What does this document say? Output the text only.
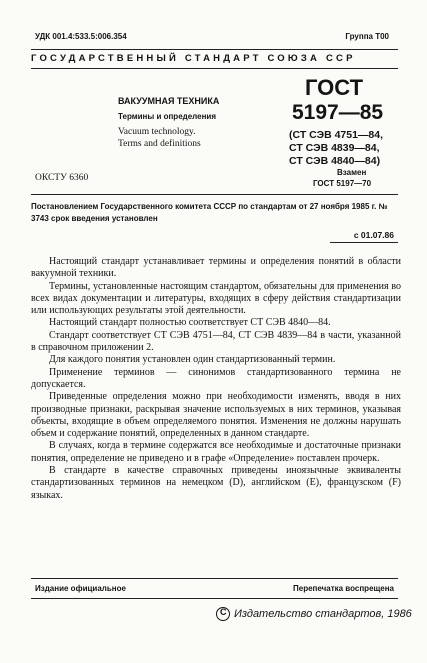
УДК 001.4:533.5:006.354	Группа Т00
ГОСУДАРСТВЕННЫЙ СТАНДАРТ СОЮЗА ССР
ВАКУУМНАЯ ТЕХНИКА
Термины и определения
Vacuum technology.
Terms and definitions
ГОСТ
5197—85
(СТ СЭВ 4751—84,
СТ СЭВ 4839—84,
СТ СЭВ 4840—84)
Взамен
ГОСТ 5197—70
ОКСТУ 6360
Постановлением Государственного комитета СССР по стандартам от 27 ноября 1985 г. № 3743 срок введения установлен
с 01.07.86

Настоящий стандарт устанавливает термины и определения понятий в области вакуумной техники.

Термины, установленные настоящим стандартом, обязательны для применения во всех видах документации и литературы, входящих в сферу действия стандартизации или использующих результаты этой деятельности.

Настоящий стандарт полностью соответствует СТ СЭВ 4840—84.

Стандарт соответствует СТ СЭВ 4751—84, СТ СЭВ 4839—84 в части, указанной в справочном приложении 2.

Для каждого понятия установлен один стандартизованный термин.

Применение терминов — синонимов стандартизованного термина не допускается.

Приведенные определения можно при необходимости изменять, вводя в них производные признаки, раскрывая значение используемых в них терминов, указывая объекты, входящие в объем определяемого понятия. Изменения не должны нарушать объем и содержание понятий, определенных в данном стандарте.

В случаях, когда в термине содержатся все необходимые и достаточные признаки понятия, определение не приведено и в графе «Определение» поставлен прочерк.

В стандарте в качестве справочных приведены иноязычные эквиваленты стандартизованных терминов на немецком (D), английском (E), французском (F) языках.

Издание официальное	Перепечатка воспрещена
C
Издательство стандартов, 1986
